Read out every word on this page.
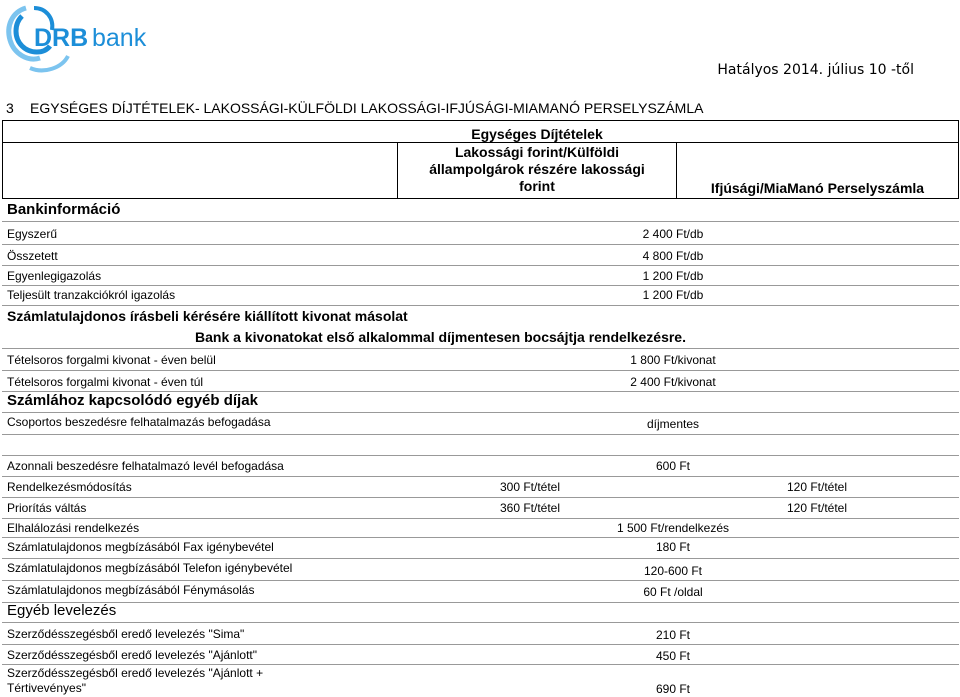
DRB bank
Hatályos 2014. július 10 -től
3 EGYSÉGES DÍJTÉTELEK- LAKOSSÁGI-KÜLFÖLDI LAKOSSÁGI-IFJÚSÁGI-MIAMANÓ PERSELYSZÁMLA
Egységes Díjtételek
Lakossági forint/Külföldi
állampolgárok részére lakossági
forint	Ifjúsági/MiaManó Perselyszámla
Bankinformáció
Egyszerű	2 400 Ft/db
Összetett	4 800 Ft/db
Egyenlegigazolás	1 200 Ft/db
Teljesült tranzakciókról igazolás	1 200 Ft/db
Számlatulajdonos írásbeli kérésére kiállított kivonat másolat
Bank a kivonatokat első alkalommal díjmentesen bocsájtja rendelkezésre.
Tételsoros forgalmi kivonat - éven belül	1 800 Ft/kivonat
Tételsoros forgalmi kivonat - éven túl	2 400 Ft/kivonat
Számlához kapcsolódó egyéb díjak
Csoportos beszedésre felhatalmazás befogadása	díjmentes
Azonnali beszedésre felhatalmazó levél befogadása	600 Ft
Rendelkezésmódosítás	300 Ft/tétel	120 Ft/tétel
Priorítás váltás	360 Ft/tétel	120 Ft/tétel
Elhalálozási rendelkezés	1 500 Ft/rendelkezés
Számlatulajdonos megbízásából Fax igénybevétel	180 Ft
Számlatulajdonos megbízásából Telefon igénybevétel	120-600 Ft
Számlatulajdonos megbízásából Fénymásolás	60 Ft /oldal
Egyéb levelezés
Szerződésszegésből eredő levelezés "Sima"	210 Ft
Szerződésszegésből eredő levelezés "Ajánlott"	450 Ft
Szerződésszegésből eredő levelezés "Ajánlott +
Tértivevényes"	690 Ft
